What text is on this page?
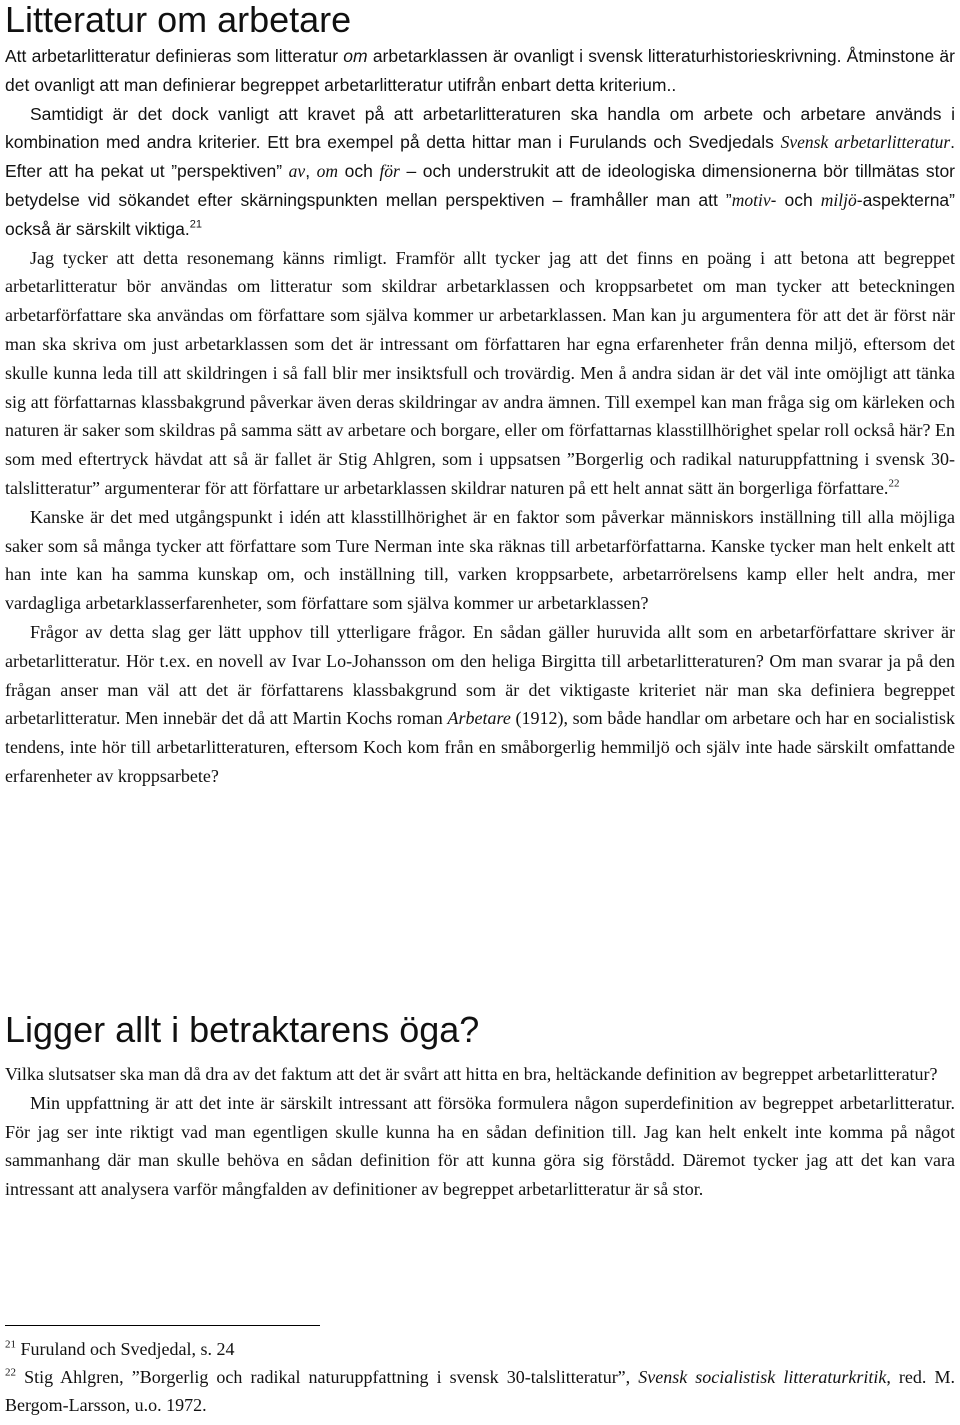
Litteratur om arbetare

Att arbetarlitteratur definieras som litteratur om arbetarklassen är ovanligt i svensk litteraturhistorieskrivning. Åtminstone är det ovanligt att man definierar begreppet arbetarlitteratur utifrån enbart detta kriterium..

Samtidigt är det dock vanligt att kravet på att arbetarlitteraturen ska handla om arbete och arbetare används i kombination med andra kriterier. Ett bra exempel på detta hittar man i Furulands och Svedjedals Svensk arbetarlitteratur. Efter att ha pekat ut ”perspektiven” av, om och för – och understrukit att de ideologiska dimensionerna bör tillmätas stor betydelse vid sökandet efter skärningspunkten mellan perspektiven – framhåller man att ”motiv- och miljö-aspekterna” också är särskilt viktiga.$^{21}$

Jag tycker att detta resonemang känns rimligt. Framför allt tycker jag att det finns en poäng i att betona att begreppet arbetarlitteratur bör användas om litteratur som skildrar arbetarklassen och kroppsarbetet om man tycker att beteckningen arbetarförfattare ska användas om författare som själva kommer ur arbetarklassen. Man kan ju argumentera för att det är först när man ska skriva om just arbetarklassen som det är intressant om författaren har egna erfarenheter från denna miljö, eftersom det skulle kunna leda till att skildringen i så fall blir mer insiktsfull och trovärdig. Men å andra sidan är det väl inte omöjligt att tänka sig att författarnas klassbakgrund påverkar även deras skildringar av andra ämnen. Till exempel kan man fråga sig om kärleken och naturen är saker som skildras på samma sätt av arbetare och borgare, eller om författarnas klasstillhörighet spelar roll också här? En som med eftertryck hävdat att så är fallet är Stig Ahlgren, som i uppsatsen ”Borgerlig och radikal naturuppfattning i svensk 30-talslitteratur” argumenterar för att författare ur arbetarklassen skildrar naturen på ett helt annat sätt än borgerliga författare.$^{22}$

Kanske är det med utgångspunkt i idén att klasstillhörighet är en faktor som påverkar människors inställning till alla möjliga saker som så många tycker att författare som Ture Nerman inte ska räknas till arbetarförfattarna. Kanske tycker man helt enkelt att han inte kan ha samma kunskap om, och inställning till, varken kroppsarbete, arbetarrörelsens kamp eller helt andra, mer vardagliga arbetarklasserfarenheter, som författare som själva kommer ur arbetarklassen?

Frågor av detta slag ger lätt upphov till ytterligare frågor. En sådan gäller huruvida allt som en arbetarförfattare skriver är arbetarlitteratur. Hör t.ex. en novell av Ivar Lo-Johansson om den heliga Birgitta till arbetarlitteraturen? Om man svarar ja på den frågan anser man väl att det är författarens klassbakgrund som är det viktigaste kriteriet när man ska definiera begreppet arbetarlitteratur. Men innebär det då att Martin Kochs roman Arbetare (1912), som både handlar om arbetare och har en socialistisk tendens, inte hör till arbetarlitteraturen, eftersom Koch kom från en småborgerlig hemmiljö och själv inte hade särskilt omfattande erfarenheter av kroppsarbete?

Ligger allt i betraktarens öga?

Vilka slutsatser ska man då dra av det faktum att det är svårt att hitta en bra, heltäckande definition av begreppet arbetarlitteratur?

Min uppfattning är att det inte är särskilt intressant att försöka formulera någon superdefinition av begreppet arbetarlitteratur. För jag ser inte riktigt vad man egentligen skulle kunna ha en sådan definition till. Jag kan helt enkelt inte komma på något sammanhang där man skulle behöva en sådan definition för att kunna göra sig förstådd. Däremot tycker jag att det kan vara intressant att analysera varför mångfalden av definitioner av begreppet arbetarlitteratur är så stor.

$^{21}$ Furuland och Svedjedal, s. 24

$^{22}$ Stig Ahlgren, ”Borgerlig och radikal naturuppfattning i svensk 30-talslitteratur”, Svensk socialistisk litteraturkritik, red. M. Bergom-Larsson, u.o. 1972.
